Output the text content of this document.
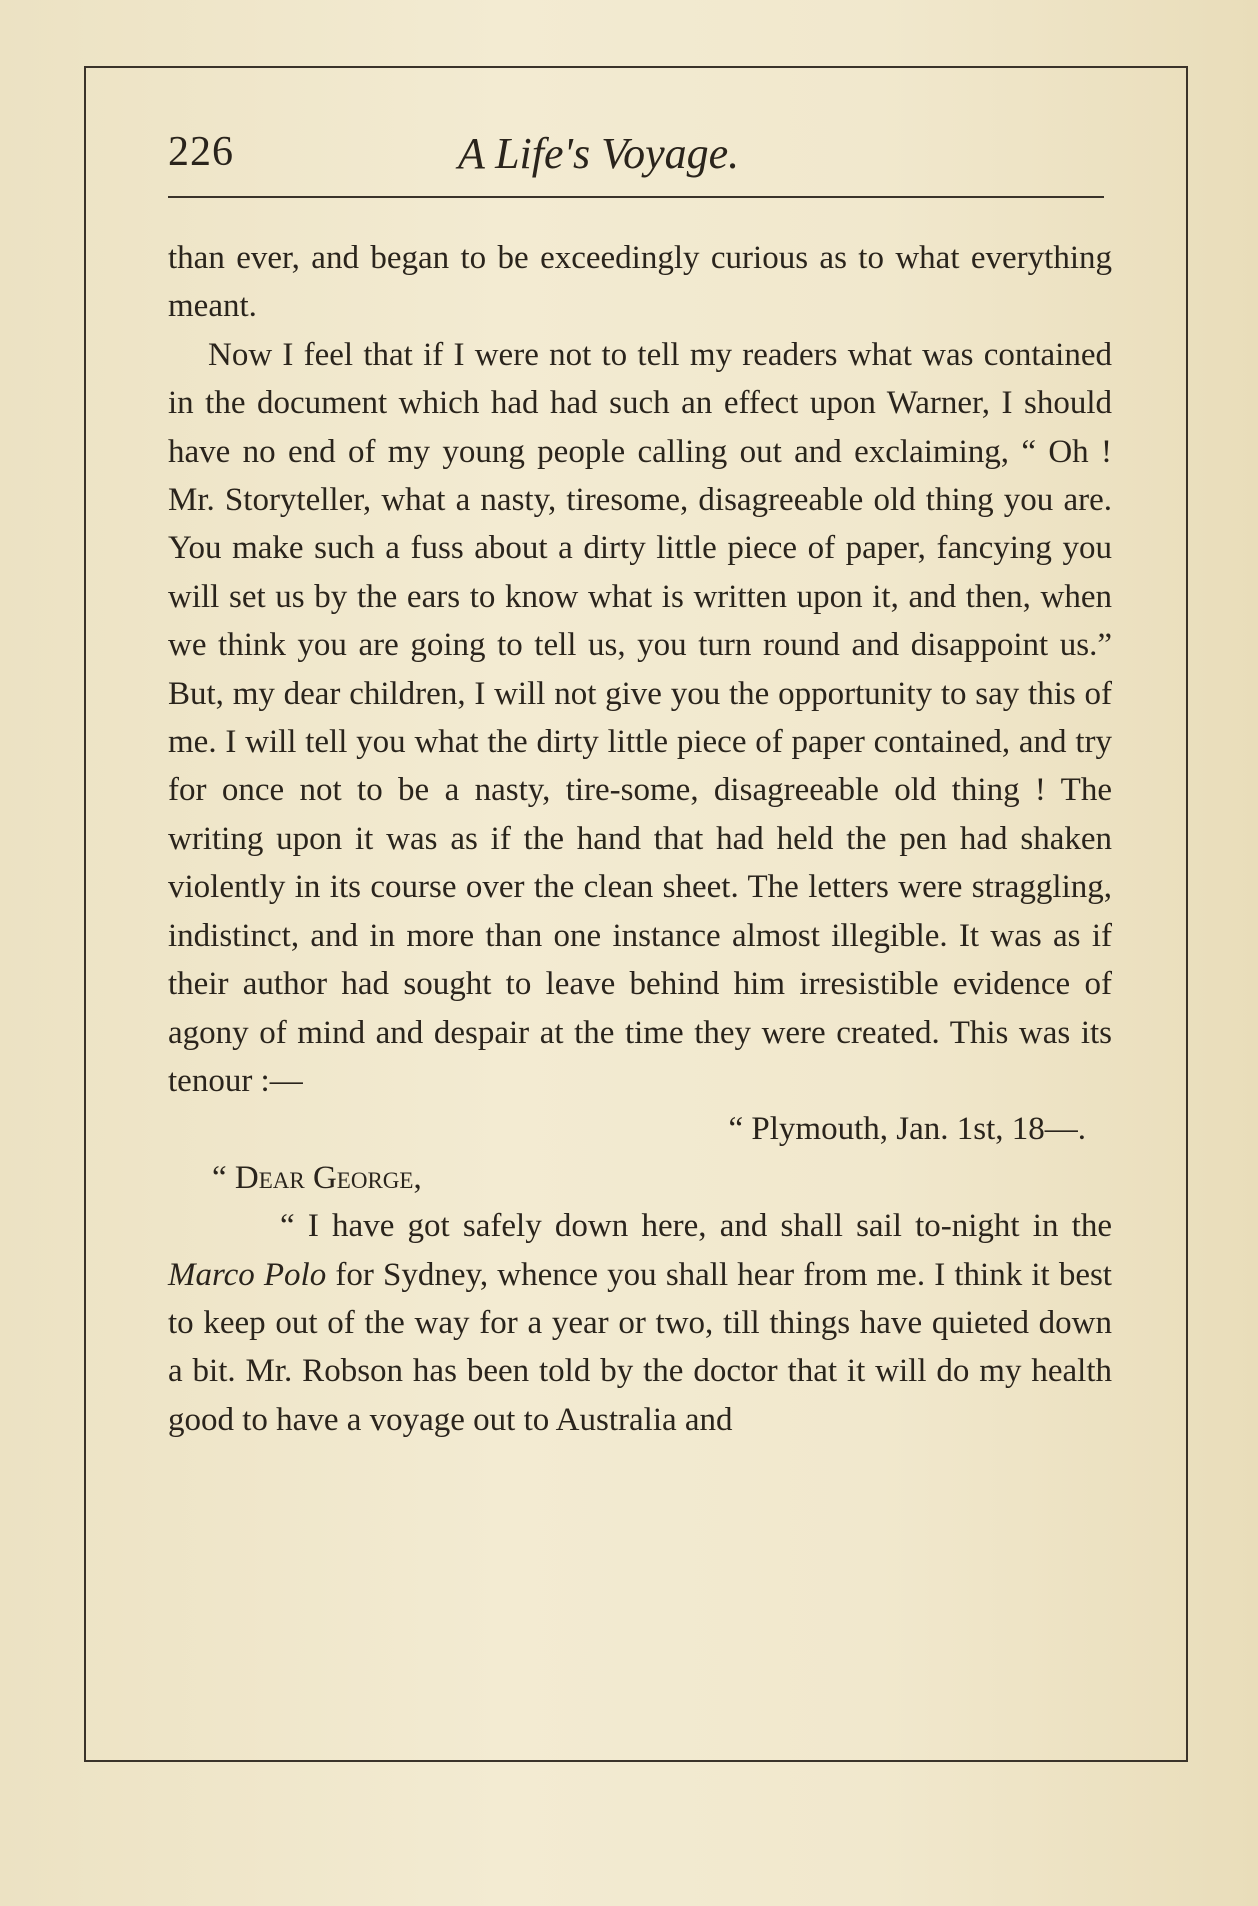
226	A Life's Voyage.

than ever, and began to be exceedingly curious as to what everything meant.

Now I feel that if I were not to tell my readers what was contained in the document which had had such an effect upon Warner, I should have no end of my young people calling out and exclaiming, “ Oh ! Mr. Storyteller, what a nasty, tiresome, disagreeable old thing you are. You make such a fuss about a dirty little piece of paper, fancying you will set us by the ears to know what is written upon it, and then, when we think you are going to tell us, you turn round and disappoint us.” But, my dear children, I will not give you the opportunity to say this of me. I will tell you what the dirty little piece of paper contained, and try for once not to be a nasty, tire-some, disagreeable old thing ! The writing upon it was as if the hand that had held the pen had shaken violently in its course over the clean sheet. The letters were straggling, indistinct, and in more than one instance almost illegible. It was as if their author had sought to leave behind him irresistible evidence of agony of mind and despair at the time they were created. This was its tenour :—

“ Plymouth, Jan. 1st, 18—.

“ Dear George,

“ I have got safely down here, and shall sail to-night in the Marco Polo for Sydney, whence you shall hear from me. I think it best to keep out of the way for a year or two, till things have quieted down a bit. Mr. Robson has been told by the doctor that it will do my health good to have a voyage out to Australia and
